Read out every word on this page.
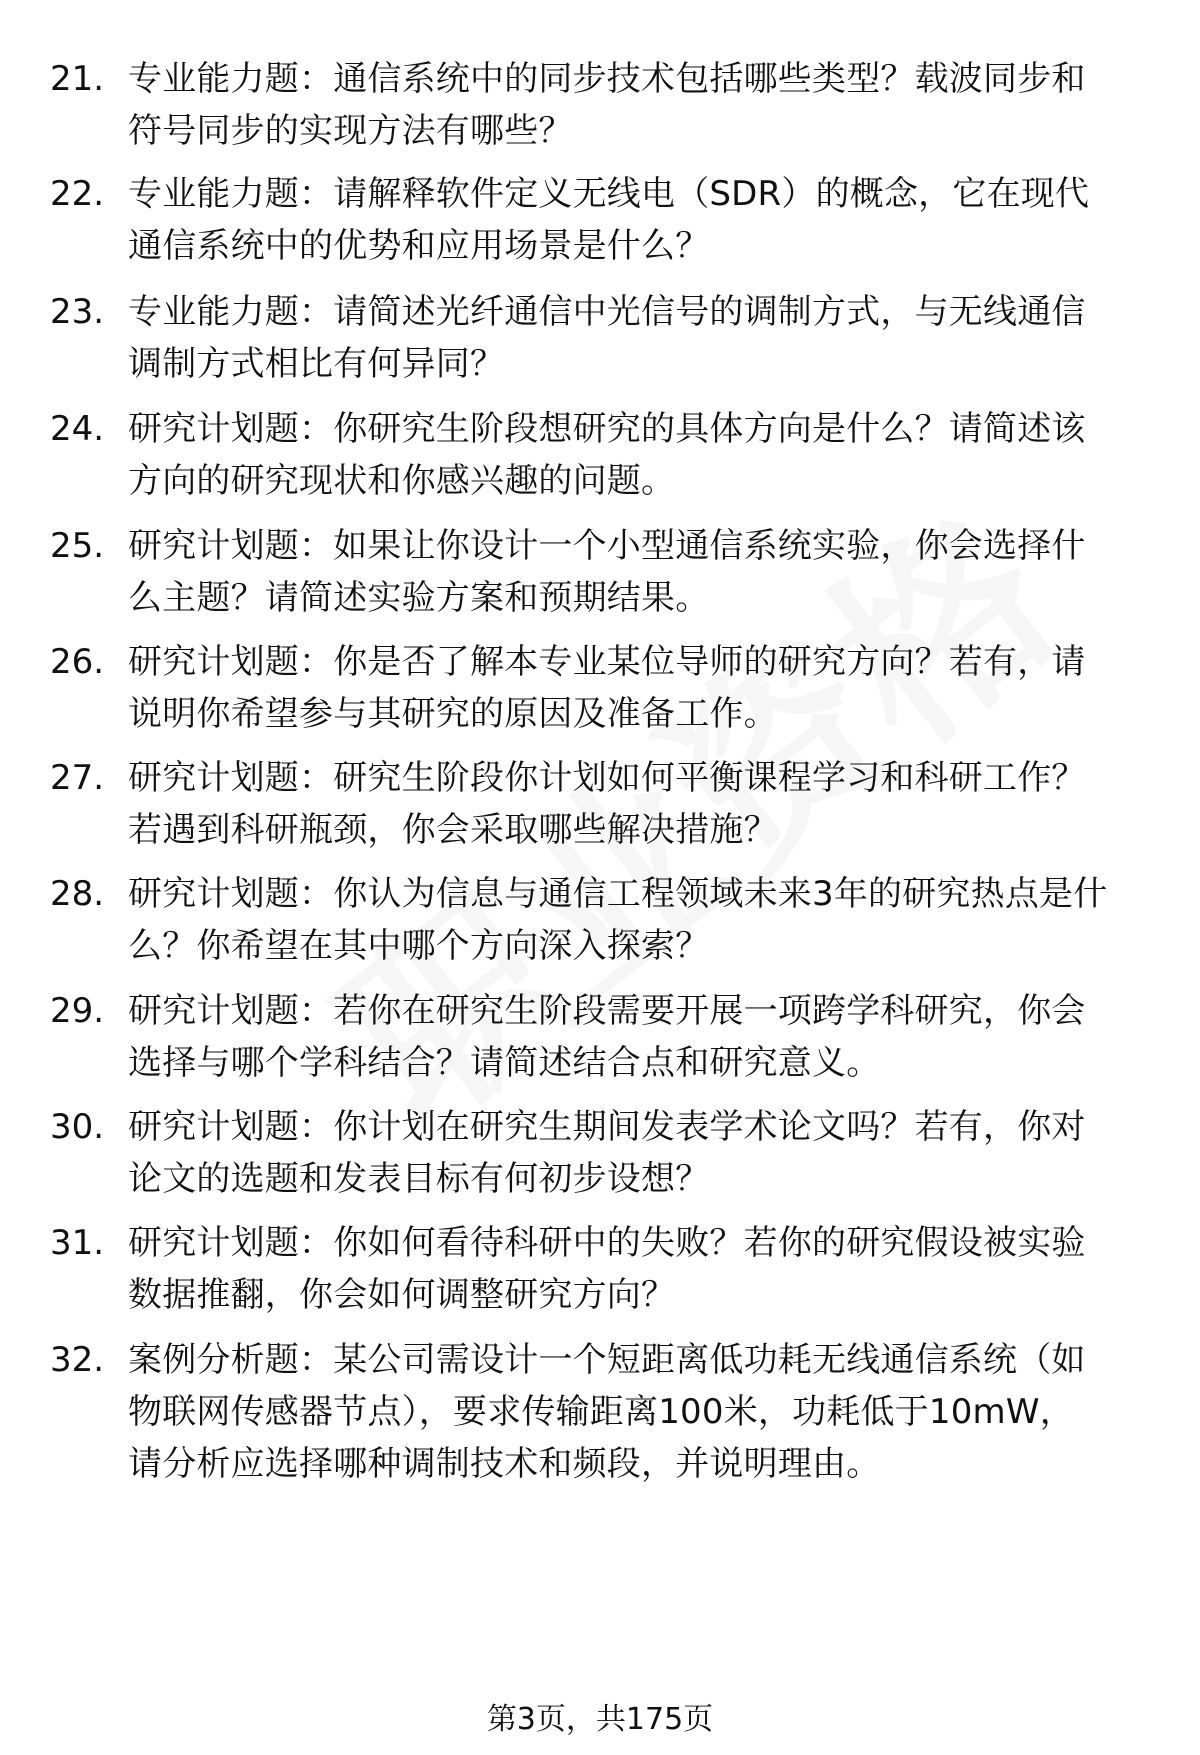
21. 专业能力题：通信系统中的同步技术包括哪些类型？载波同步和
符号同步的实现方法有哪些？
22. 专业能力题：请解释软件定义无线电（SDR）的概念，它在现代
通信系统中的优势和应用场景是什么？
23. 专业能力题：请简述光纤通信中光信号的调制方式，与无线通信
调制方式相比有何异同？
24. 研究计划题：你研究生阶段想研究的具体方向是什么？请简述该
方向的研究现状和你感兴趣的问题。
25. 研究计划题：如果让你设计一个小型通信系统实验，你会选择什
么主题？请简述实验方案和预期结果。
26. 研究计划题：你是否了解本专业某位导师的研究方向？若有，请
说明你希望参与其研究的原因及准备工作。
27. 研究计划题：研究生阶段你计划如何平衡课程学习和科研工作？
若遇到科研瓶颈，你会采取哪些解决措施？
28. 研究计划题：你认为信息与通信工程领域未来3年的研究热点是什
么？你希望在其中哪个方向深入探索？
29. 研究计划题：若你在研究生阶段需要开展一项跨学科研究，你会
选择与哪个学科结合？请简述结合点和研究意义。
30. 研究计划题：你计划在研究生期间发表学术论文吗？若有，你对
论文的选题和发表目标有何初步设想？
31. 研究计划题：你如何看待科研中的失败？若你的研究假设被实验
数据推翻，你会如何调整研究方向？
32. 案例分析题：某公司需设计一个短距离低功耗无线通信系统（如
物联网传感器节点），要求传输距离100米，功耗低于10mW，
请分析应选择哪种调制技术和频段，并说明理由。
第3页，共175页
